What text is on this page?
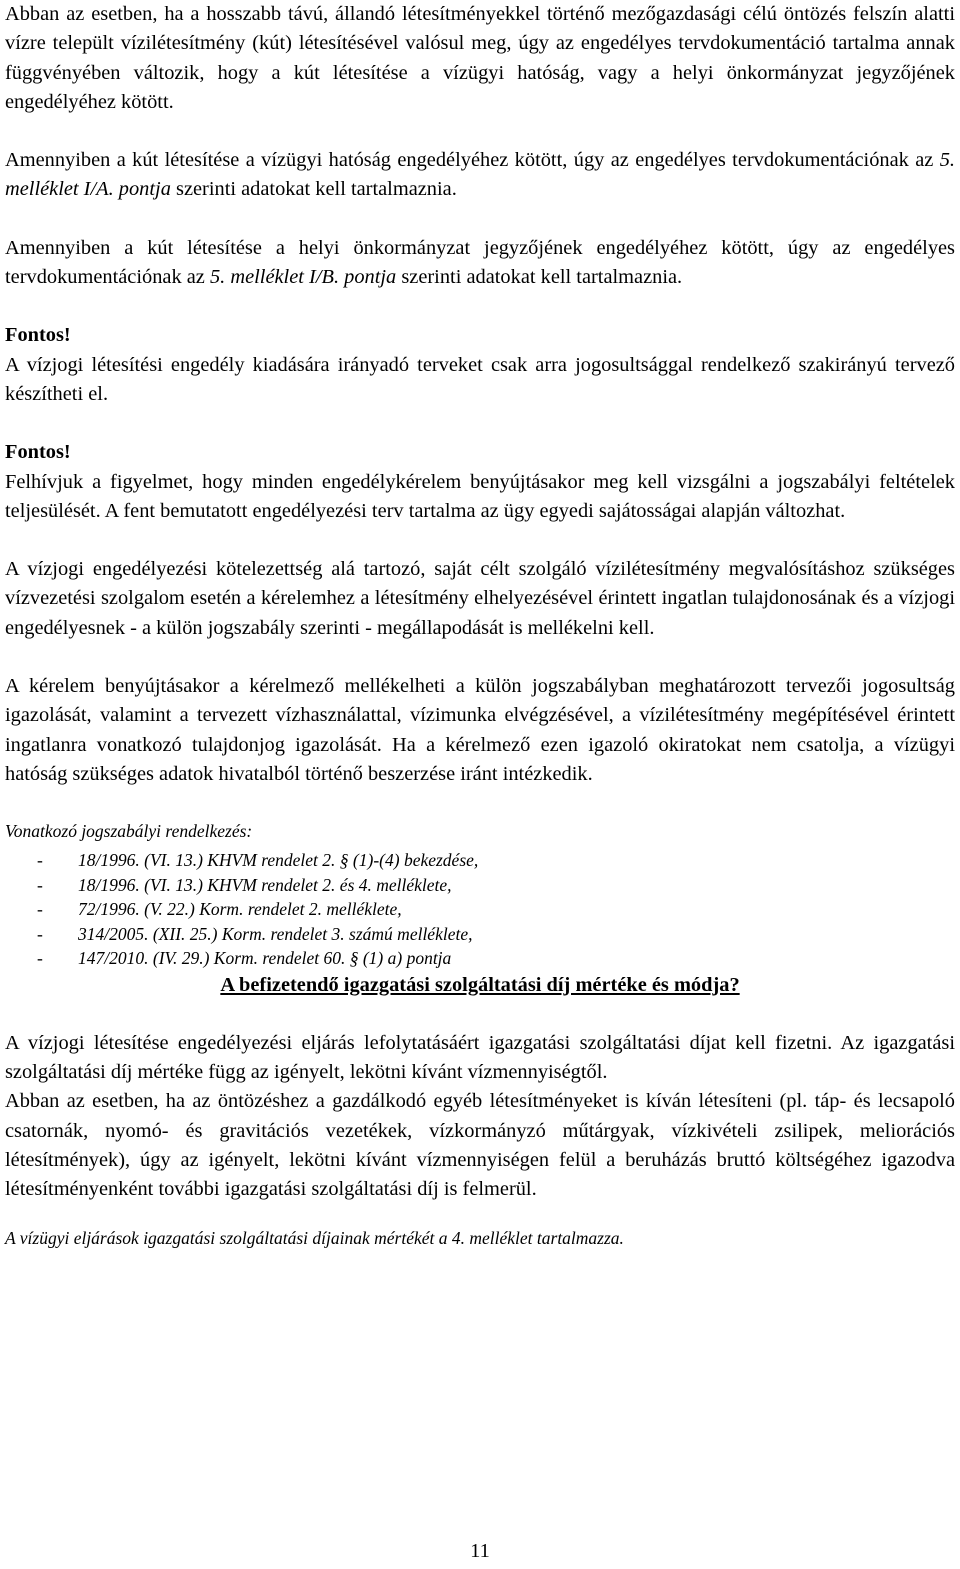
Abban az esetben, ha a hosszabb távú, állandó létesítményekkel történő mezőgazdasági célú öntözés felszín alatti vízre települt vízilétesítmény (kút) létesítésével valósul meg, úgy az engedélyes tervdokumentáció tartalma annak függvényében változik, hogy a kút létesítése a vízügyi hatóság, vagy a helyi önkormányzat jegyzőjének engedélyéhez kötött.

Amennyiben a kút létesítése a vízügyi hatóság engedélyéhez kötött, úgy az engedélyes tervdokumentációnak az 5. melléklet I/A. pontja szerinti adatokat kell tartalmaznia.

Amennyiben a kút létesítése a helyi önkormányzat jegyzőjének engedélyéhez kötött, úgy az engedélyes tervdokumentációnak az 5. melléklet I/B. pontja szerinti adatokat kell tartalmaznia.

Fontos!

A vízjogi létesítési engedély kiadására irányadó terveket csak arra jogosultsággal rendelkező szakirányú tervező készítheti el.

Fontos!

Felhívjuk a figyelmet, hogy minden engedélykérelem benyújtásakor meg kell vizsgálni a jogszabályi feltételek teljesülését. A fent bemutatott engedélyezési terv tartalma az ügy egyedi sajátosságai alapján változhat.

A vízjogi engedélyezési kötelezettség alá tartozó, saját célt szolgáló vízilétesítmény megvalósításhoz szükséges vízvezetési szolgalom esetén a kérelemhez a létesítmény elhelyezésével érintett ingatlan tulajdonosának és a vízjogi engedélyesnek - a külön jogszabály szerinti - megállapodását is mellékelni kell.

A kérelem benyújtásakor a kérelmező mellékelheti a külön jogszabályban meghatározott tervezői jogosultság igazolását, valamint a tervezett vízhasználattal, vízimunka elvégzésével, a vízilétesítmény megépítésével érintett ingatlanra vonatkozó tulajdonjog igazolását. Ha a kérelmező ezen igazoló okiratokat nem csatolja, a vízügyi hatóság szükséges adatok hivatalból történő beszerzése iránt intézkedik.

Vonatkozó jogszabályi rendelkezés:

-	18/1996. (VI. 13.) KHVM rendelet 2. § (1)-(4) bekezdése,
-	18/1996. (VI. 13.) KHVM rendelet 2. és 4. melléklete,
-	72/1996. (V. 22.) Korm. rendelet 2. melléklete,
-	314/2005. (XII. 25.) Korm. rendelet 3. számú melléklete,
-	147/2010. (IV. 29.) Korm. rendelet 60. § (1) a) pontja
A befizetendő igazgatási szolgáltatási díj mértéke és módja?

A vízjogi létesítése engedélyezési eljárás lefolytatásáért igazgatási szolgáltatási díjat kell fizetni. Az igazgatási szolgáltatási díj mértéke függ az igényelt, lekötni kívánt vízmennyiségtől.

Abban az esetben, ha az öntözéshez a gazdálkodó egyéb létesítményeket is kíván létesíteni (pl. táp- és lecsapoló csatornák, nyomó- és gravitációs vezetékek, vízkormányzó műtárgyak, vízkivételi zsilipek, meliorációs létesítmények), úgy az igényelt, lekötni kívánt vízmennyiségen felül a beruházás bruttó költségéhez igazodva létesítményenként további igazgatási szolgáltatási díj is felmerül.

A vízügyi eljárások igazgatási szolgáltatási díjainak mértékét a 4. melléklet tartalmazza.

11
